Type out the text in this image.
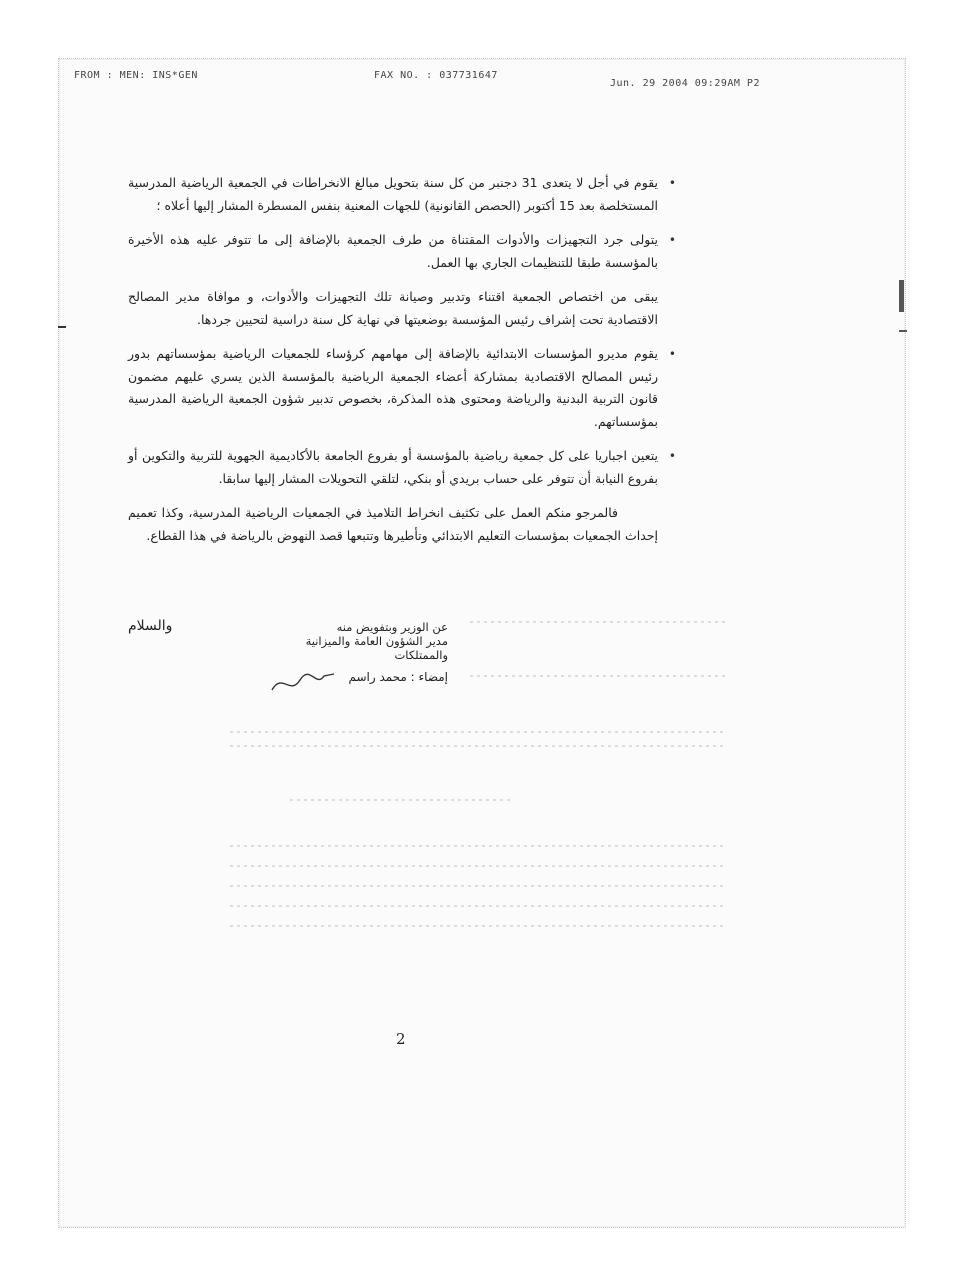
FROM : MEN: INS*GEN	FAX NO. : 037731647
Jun. 29 2004 09:29AM P2

•
يقوم في أجل لا يتعدى 31 دجنبر من كل سنة بتحويل مبالغ الانخراطات في الجمعية الرياضية المدرسية المستخلصة بعد 15 أكتوبر (الحصص القانونية) للجهات المعنية بنفس المسطرة المشار إليها أعلاه ؛

•
يتولى جرد التجهيزات والأدوات المقتناة من طرف الجمعية بالإضافة إلى ما تتوفر عليه هذه الأخيرة بالمؤسسة طبقا للتنظيمات الجاري بها العمل.

يبقى من اختصاص الجمعية اقتناء وتدبير وصيانة تلك التجهيزات والأدوات، و موافاة مدير المصالح الاقتصادية تحت إشراف رئيس المؤسسة بوضعيتها في نهاية كل سنة دراسية لتحيين جردها.

•
يقوم مديرو المؤسسات الابتدائية بالإضافة إلى مهامهم كرؤساء للجمعيات الرياضية بمؤسساتهم بدور رئيس المصالح الاقتصادية بمشاركة أعضاء الجمعية الرياضية بالمؤسسة الذين يسري عليهم مضمون قانون التربية البدنية والرياضة ومحتوى هذه المذكرة، بخصوص تدبير شؤون الجمعية الرياضية المدرسية بمؤسساتهم.

•
يتعين اجباريا على كل جمعية رياضية بالمؤسسة أو بفروع الجامعة بالأكاديمية الجهوية للتربية والتكوين أو بفروع النيابة أن تتوفر على حساب بريدي أو بنكي، لتلقي التحويلات المشار إليها سابقا.

فالمرجو منكم العمل على تكثيف انخراط التلاميذ في الجمعيات الرياضية المدرسية، وكذا تعميم إحداث الجمعيات بمؤسسات التعليم الابتدائي وتأطيرها وتتبعها قصد النهوض بالرياضة في هذا القطاع.

والسلام	عن الوزير وبتفويض منه
مدير الشؤون العامة والميزانية
والممتلكات
إمضاء : محمد راسم
2
